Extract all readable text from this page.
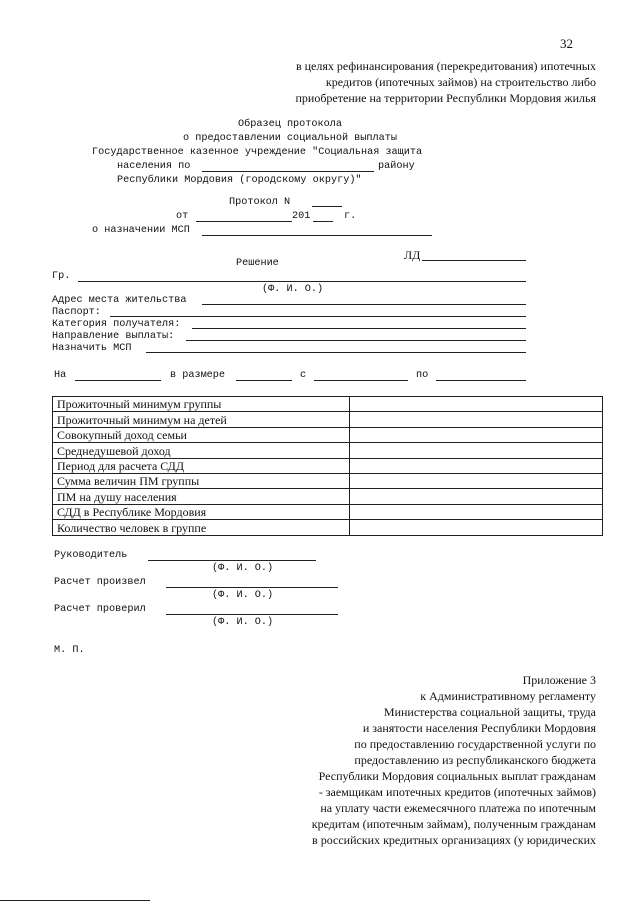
32
в целях рефинансирования (перекредитования) ипотечных
кредитов (ипотечных займов) на строительство либо
приобретение на территории Республики Мордовия жилья
Образец протокола
о предоставлении социальной выплаты
Государственное казенное учреждение "Социальная защита
населения по	району
Республики Мордовия (городскому округу)"
Протокол N
от	201	г.
о назначении МСП
ЛД
Решение
Гр.
(Ф. И. О.)
Адрес места жительства
Паспорт:
Категория получателя:
Направление выплаты:
Назначить МСП
На	в размере	с	по
Прожиточный минимум группы	
Прожиточный минимум на детей	
Совокупный доход семьи	
Среднедушевой доход	
Период для расчета СДД	
Сумма величин ПМ группы	
ПМ на душу населения	
СДД в Республике Мордовия	
Количество человек в группе	
Руководитель
(Ф. И. О.)
Расчет произвел
(Ф. И. О.)
Расчет проверил
(Ф. И. О.)
М. П.
Приложение 3
к Административному регламенту
Министерства социальной защиты, труда
и занятости населения Республики Мордовия
по предоставлению государственной услуги по
предоставлению из республиканского бюджета
Республики Мордовия социальных выплат гражданам
- заемщикам ипотечных кредитов (ипотечных займов)
на уплату части ежемесячного платежа по ипотечным
кредитам (ипотечным займам), полученным гражданам
в российских кредитных организациях (у юридических
